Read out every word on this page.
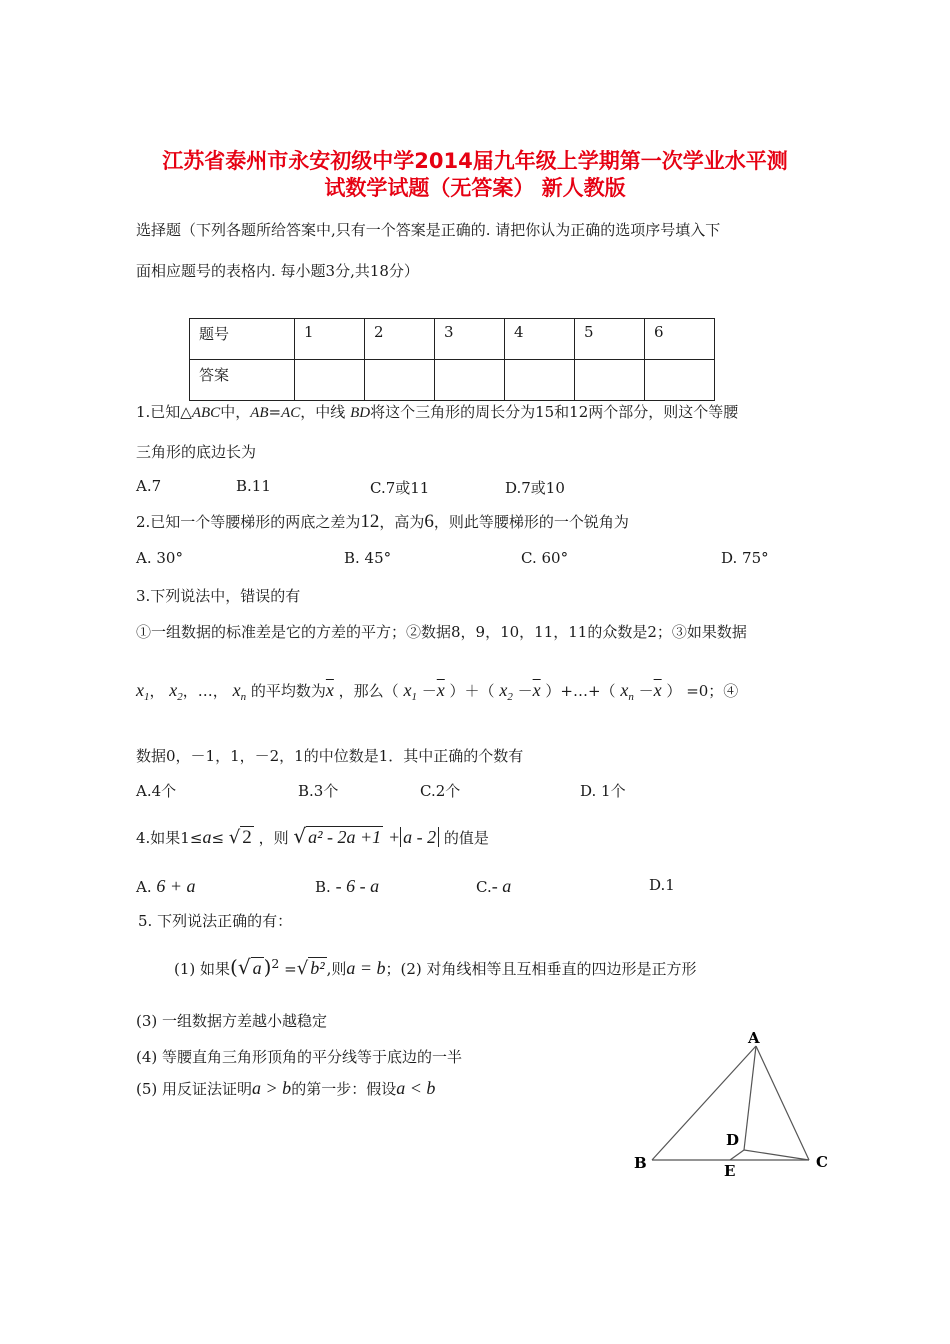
江苏省泰州市永安初级中学2014届九年级上学期第一次学业水平测
试数学试题（无答案） 新人教版
选择题（下列各题所给答案中,只有一个答案是正确的. 请把你认为正确的选项序号填入下
面相应题号的表格内. 每小题3分,共18分）
题号	1	2	3	4	5	6
答案						
1.已知△ABC中，AB=AC，中线 BD将这个三角形的周长分为15和12两个部分，则这个等腰
三角形的底边长为
A.7	B.11	C.7或11	D.7或10
2.已知一个等腰梯形的两底之差为12，高为6，则此等腰梯形的一个锐角为
A. 30°	B. 45°	C. 60°	D. 75°
3.下列说法中，错误的有
①一组数据的标准差是它的方差的平方；②数据8，9，10，11，11的众数是2；③如果数据
$x_1$， $x_2$，…， $x_n$ 的平均数为$\overline{x}$ ，那么（ $x_1 -\overline{x}$ ）＋（ $x_2 -\overline{x}$ ）+…+（ $x_n -\overline{x}$ ） =0；④
数据0，－1，1，－2，1的中位数是1．其中正确的个数有
A.4个	B.3个	C.2个	D. 1个
4.如果1≤a≤ √ 2 ，则 √ a² - 2a +1 + a - 2 的值是
A. 6 + a	B. - 6 - a	C.- a	D.1
5. 下列说法正确的有：
(1) 如果(√ a )$^2$ =√ b² ,则a = b；(2) 对角线相等且互相垂直的四边形是正方形
(3) 一组数据方差越小越稳定
(4) 等腰直角三角形顶角的平分线等于底边的一半
(5) 用反证法证明a > b的第一步：假设a < b
A
B	C
D
E
